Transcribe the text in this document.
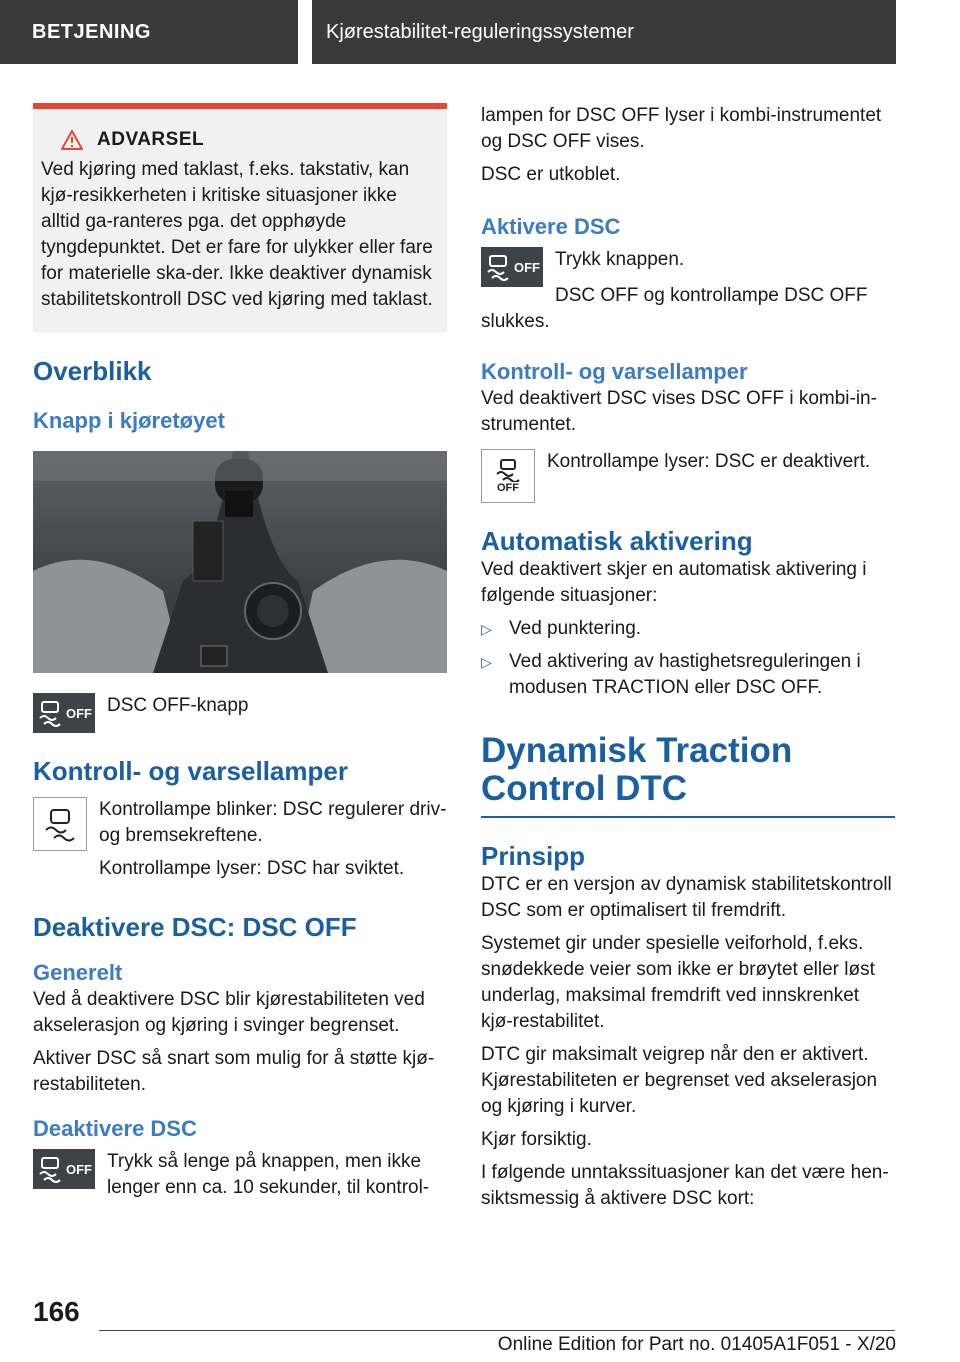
BETJENING	Kjørestabilitet-reguleringssystemer
ADVARSEL

Ved kjøring med taklast, f.eks. takstativ, kan kjø-resikkerheten i kritiske situasjoner ikke alltid ga-ranteres pga. det opphøyde tyngdepunktet. Det er fare for ulykker eller fare for materielle ska-der. Ikke deaktiver dynamisk stabilitetskontroll DSC ved kjøring med taklast.

Overblikk
Knapp i kjøretøyet
OFF DSC OFF-knapp

Kontroll- og varsellamper

Kontrollampe blinker: DSC regulerer driv- og bremsekreftene.

Kontrollampe lyser: DSC har sviktet.

Deaktivere DSC: DSC OFF
Generelt

Ved å deaktivere DSC blir kjørestabiliteten ved akselerasjon og kjøring i svinger begrenset.

Aktiver DSC så snart som mulig for å støtte kjø-restabiliteten.

Deaktivere DSC
OFF Trykk så lenge på knappen, men ikke lenger enn ca. 10 sekunder, til kontrol-

lampen for DSC OFF lyser i kombi-instrumentet og DSC OFF vises.

DSC er utkoblet.

Aktivere DSC
OFF Trykk knappen.

DSC OFF og kontrollampe DSC OFF slukkes.

Kontroll- og varsellamper

Ved deaktivert DSC vises DSC OFF i kombi-in-strumentet.

OFF

Kontrollampe lyser: DSC er deaktivert.

Automatisk aktivering

Ved deaktivert skjer en automatisk aktivering i følgende situasjoner:

▷ Ved punktering.
▷ Ved aktivering av hastighetsreguleringen i modusen TRACTION eller DSC OFF.
Dynamisk Traction Control DTC
Prinsipp

DTC er en versjon av dynamisk stabilitetskontroll DSC som er optimalisert til fremdrift.

Systemet gir under spesielle veiforhold, f.eks. snødekkede veier som ikke er brøytet eller løst underlag, maksimal fremdrift ved innskrenket kjø-restabilitet.

DTC gir maksimalt veigrep når den er aktivert. Kjørestabiliteten er begrenset ved akselerasjon og kjøring i kurver.

Kjør forsiktig.

I følgende unntakssituasjoner kan det være hen-siktsmessig å aktivere DSC kort:

166
Online Edition for Part no. 01405A1F051 - X/20
